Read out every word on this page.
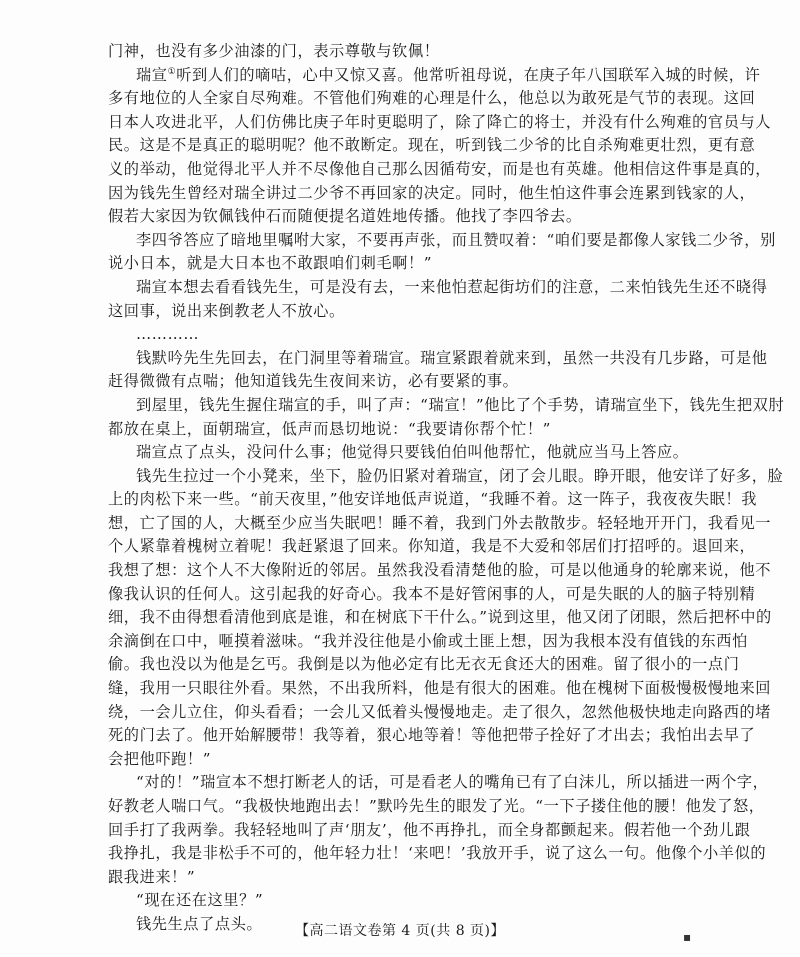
门神，也没有多少油漆的门，表示尊敬与钦佩！
瑞宣①听到人们的嘀咕，心中又惊又喜。他常听祖母说，在庚子年八国联军入城的时候，许
多有地位的人全家自尽殉难。不管他们殉难的心理是什么，他总以为敢死是气节的表现。这回
日本人攻进北平，人们仿佛比庚子年时更聪明了，除了降亡的将士，并没有什么殉难的官员与人
民。这是不是真正的聪明呢？他不敢断定。现在，听到钱二少爷的比自杀殉难更壮烈，更有意
义的举动，他觉得北平人并不尽像他自己那么因循苟安，而是也有英雄。他相信这件事是真的，
因为钱先生曾经对瑞全讲过二少爷不再回家的决定。同时，他生怕这件事会连累到钱家的人，
假若大家因为钦佩钱仲石而随便提名道姓地传播。他找了李四爷去。
李四爷答应了暗地里嘱咐大家，不要再声张，而且赞叹着：“咱们要是都像人家钱二少爷，别
说小日本，就是大日本也不敢跟咱们刺毛啊！”
瑞宣本想去看看钱先生，可是没有去，一来他怕惹起街坊们的注意，二来怕钱先生还不晓得
这回事，说出来倒教老人不放心。
…………
钱默吟先生先回去，在门洞里等着瑞宣。瑞宣紧跟着就来到，虽然一共没有几步路，可是他
赶得微微有点喘；他知道钱先生夜间来访，必有要紧的事。
到屋里，钱先生握住瑞宣的手，叫了声：“瑞宣！”他比了个手势，请瑞宣坐下，钱先生把双肘
都放在桌上，面朝瑞宣，低声而恳切地说：“我要请你帮个忙！”
瑞宣点了点头，没问什么事；他觉得只要钱伯伯叫他帮忙，他就应当马上答应。
钱先生拉过一个小凳来，坐下，脸仍旧紧对着瑞宣，闭了会儿眼。睁开眼，他安详了好多，脸
上的肉松下来一些。“前天夜里，”他安详地低声说道，“我睡不着。这一阵子，我夜夜失眠！我
想，亡了国的人，大概至少应当失眠吧！睡不着，我到门外去散散步。轻轻地开开门，我看见一
个人紧靠着槐树立着呢！我赶紧退了回来。你知道，我是不大爱和邻居们打招呼的。退回来，
我想了想：这个人不大像附近的邻居。虽然我没看清楚他的脸，可是以他通身的轮廓来说，他不
像我认识的任何人。这引起我的好奇心。我本不是好管闲事的人，可是失眠的人的脑子特别精
细，我不由得想看清他到底是谁，和在树底下干什么。”说到这里，他又闭了闭眼，然后把杯中的
余滴倒在口中，咂摸着滋味。“我并没往他是小偷或土匪上想，因为我根本没有值钱的东西怕
偷。我也没以为他是乞丐。我倒是以为他必定有比无衣无食还大的困难。留了很小的一点门
缝，我用一只眼往外看。果然，不出我所料，他是有很大的困难。他在槐树下面极慢极慢地来回
绕，一会儿立住，仰头看看；一会儿又低着头慢慢地走。走了很久，忽然他极快地走向路西的堵
死的门去了。他开始解腰带！我等着，狠心地等着！等他把带子拴好了才出去；我怕出去早了
会把他吓跑！”
“对的！”瑞宣本不想打断老人的话，可是看老人的嘴角已有了白沫儿，所以插进一两个字，
好教老人喘口气。“我极快地跑出去！”默吟先生的眼发了光。“一下子搂住他的腰！他发了怒，
回手打了我两拳。我轻轻地叫了声‘朋友’，他不再挣扎，而全身都颤起来。假若他一个劲儿跟
我挣扎，我是非松手不可的，他年轻力壮！‘来吧！’我放开手，说了这么一句。他像个小羊似的
跟我进来！”
“现在还在这里？”
钱先生点了点头。	【高二语文卷第 4 页(共 8 页)】	▪
